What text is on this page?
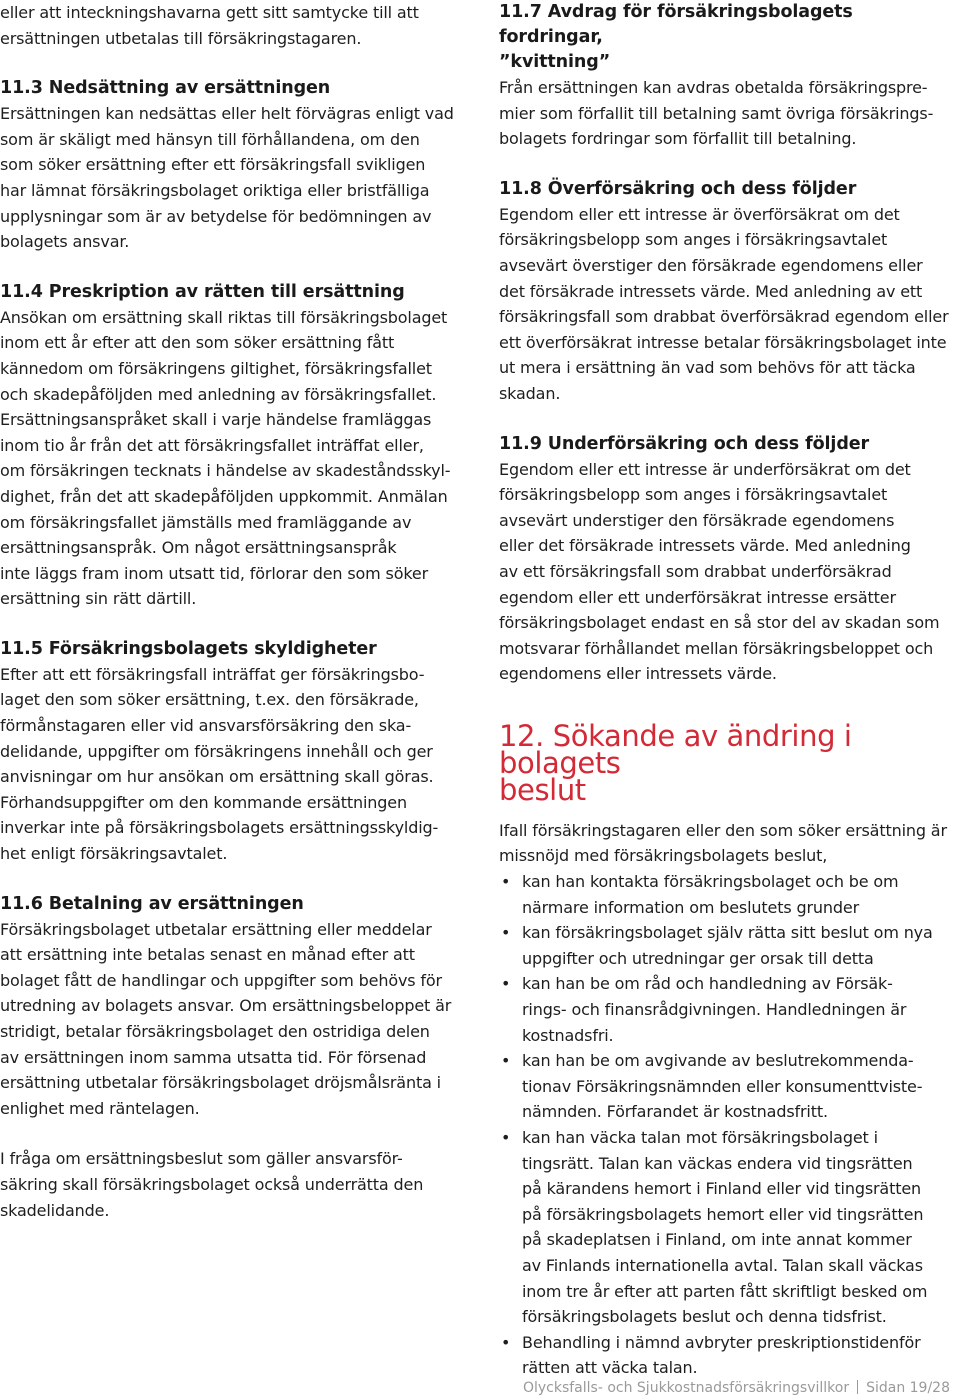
eller att inteckningshavarna gett sitt samtycke till att

ersättningen utbetalas till försäkringstagaren.

11.3 Nedsättning av ersättningen

Ersättningen kan nedsättas eller helt förvägras enligt vad

som är skäligt med hänsyn till förhållandena, om den

som söker ersättning efter ett försäkringsfall svikligen

har lämnat försäkringsbolaget oriktiga eller bristfälliga

upplysningar som är av betydelse för bedömningen av

bolagets ansvar.

11.4 Preskription av rätten till ersättning

Ansökan om ersättning skall riktas till försäkringsbolaget

inom ett år efter att den som söker ersättning fått

kännedom om försäkringens giltighet, försäkringsfallet

och skadepåföljden med anledning av försäkringsfallet.

Ersättningsanspråket skall i varje händelse framläggas

inom tio år från det att försäkringsfallet inträffat eller,

om försäkringen tecknats i händelse av skadeståndsskyl-

dighet, från det att skadepåföljden uppkommit. Anmälan

om försäkringsfallet jämställs med framläggande av

ersättningsanspråk. Om något ersättningsanspråk

inte läggs fram inom utsatt tid, förlorar den som söker

ersättning sin rätt därtill.

11.5 Försäkringsbolagets skyldigheter

Efter att ett försäkringsfall inträffat ger försäkringsbo-

laget den som söker ersättning, t.ex. den försäkrade,

förmånstagaren eller vid ansvarsförsäkring den ska-

delidande, uppgifter om försäkringens innehåll och ger

anvisningar om hur ansökan om ersättning skall göras.

Förhandsuppgifter om den kommande ersättningen

inverkar inte på försäkringsbolagets ersättningsskyldig-

het enligt försäkringsavtalet.

11.6 Betalning av ersättningen

Försäkringsbolaget utbetalar ersättning eller meddelar

att ersättning inte betalas senast en månad efter att

bolaget fått de handlingar och uppgifter som behövs för

utredning av bolagets ansvar. Om ersättningsbeloppet är

stridigt, betalar försäkringsbolaget den ostridiga delen

av ersättningen inom samma utsatta tid. För försenad

ersättning utbetalar försäkringsbolaget dröjsmålsränta i

enlighet med räntelagen.

I fråga om ersättningsbeslut som gäller ansvarsför-

säkring skall försäkringsbolaget också underrätta den

skadelidande.

11.7 Avdrag för försäkringsbolagets fordringar,
”kvittning”

Från ersättningen kan avdras obetalda försäkringspre-

mier som förfallit till betalning samt övriga försäkrings-

bolagets fordringar som förfallit till betalning.

11.8 Överförsäkring och dess följder

Egendom eller ett intresse är överförsäkrat om det

försäkringsbelopp som anges i försäkringsavtalet

avsevärt överstiger den försäkrade egendomens eller

det försäkrade intressets värde. Med anledning av ett

försäkringsfall som drabbat överförsäkrad egendom eller

ett överförsäkrat intresse betalar försäkringsbolaget inte

ut mera i ersättning än vad som behövs för att täcka

skadan.

11.9 Underförsäkring och dess följder

Egendom eller ett intresse är underförsäkrat om det

försäkringsbelopp som anges i försäkringsavtalet

avsevärt understiger den försäkrade egendomens

eller det försäkrade intressets värde. Med anledning

av ett försäkringsfall som drabbat underförsäkrad

egendom eller ett underförsäkrat intresse ersätter

försäkringsbolaget endast en så stor del av skadan som

motsvarar förhållandet mellan försäkringsbeloppet och

egendomens eller intressets värde.

12. Sökande av ändring i bolagets
beslut

Ifall försäkringstagaren eller den som söker ersättning är

missnöjd med försäkringsbolagets beslut,

• kan han kontakta försäkringsbolaget och be om

närmare information om beslutets grunder

• kan försäkringsbolaget själv rätta sitt beslut om nya

uppgifter och utredningar ger orsak till detta

• kan han be om råd och handledning av Försäk-

rings- och finansrådgivningen. Handledningen är

kostnadsfri.

• kan han be om avgivande av beslutrekommenda-

tionav Försäkringsnämnden eller konsumenttviste-

nämnden. Förfarandet är kostnadsfritt.

• kan han väcka talan mot försäkringsbolaget i

tingsrätt. Talan kan väckas endera vid tingsrätten

på kärandens hemort i Finland eller vid tingsrätten

på försäkringsbolagets hemort eller vid tingsrätten

på skadeplatsen i Finland, om inte annat kommer

av Finlands internationella avtal. Talan skall väckas

inom tre år efter att parten fått skriftligt besked om

försäkringsbolagets beslut och denna tidsfrist.

• Behandling i nämnd avbryter preskriptionstidenför

rätten att väcka talan.

Olycksfalls- och Sjukkostnadsförsäkringsvillkor Sidan 19/28
